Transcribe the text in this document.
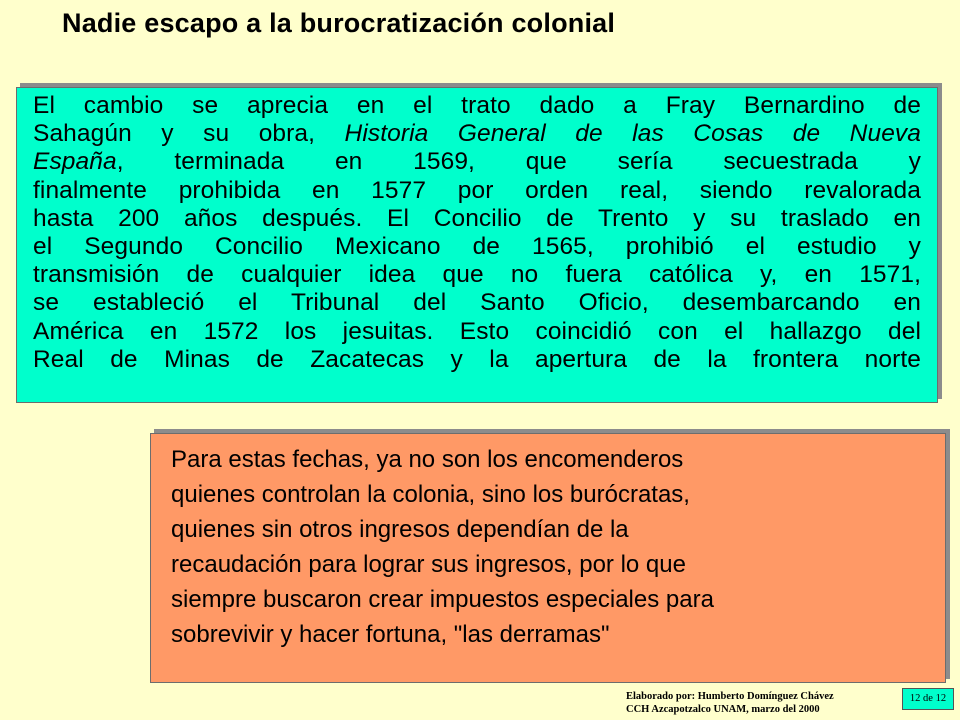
Nadie escapo a la burocratización colonial

El cambio se aprecia en el trato dado a Fray Bernardino de
Sahagún y su obra, Historia General de las Cosas de Nueva
España, terminada en 1569, que sería secuestrada y
finalmente prohibida en 1577 por orden real, siendo revalorada
hasta 200 años después. El Concilio de Trento y su traslado en
el Segundo Concilio Mexicano de 1565, prohibió el estudio y
transmisión de cualquier idea que no fuera católica y, en 1571,
se estableció el Tribunal del Santo Oficio, desembarcando en
América en 1572 los jesuitas. Esto coincidió con el hallazgo del
Real de Minas de Zacatecas y la apertura de la frontera norte

Para estas fechas, ya no son los encomenderos
quienes controlan la colonia, sino los burócratas,
quienes sin otros ingresos dependían de la
recaudación para lograr sus ingresos, por lo que
siempre buscaron crear impuestos especiales para
sobrevivir y hacer fortuna, "las derramas"

Elaborado por: Humberto Domínguez Chávez
CCH Azcapotzalco UNAM, marzo del 2000
12 de 12
